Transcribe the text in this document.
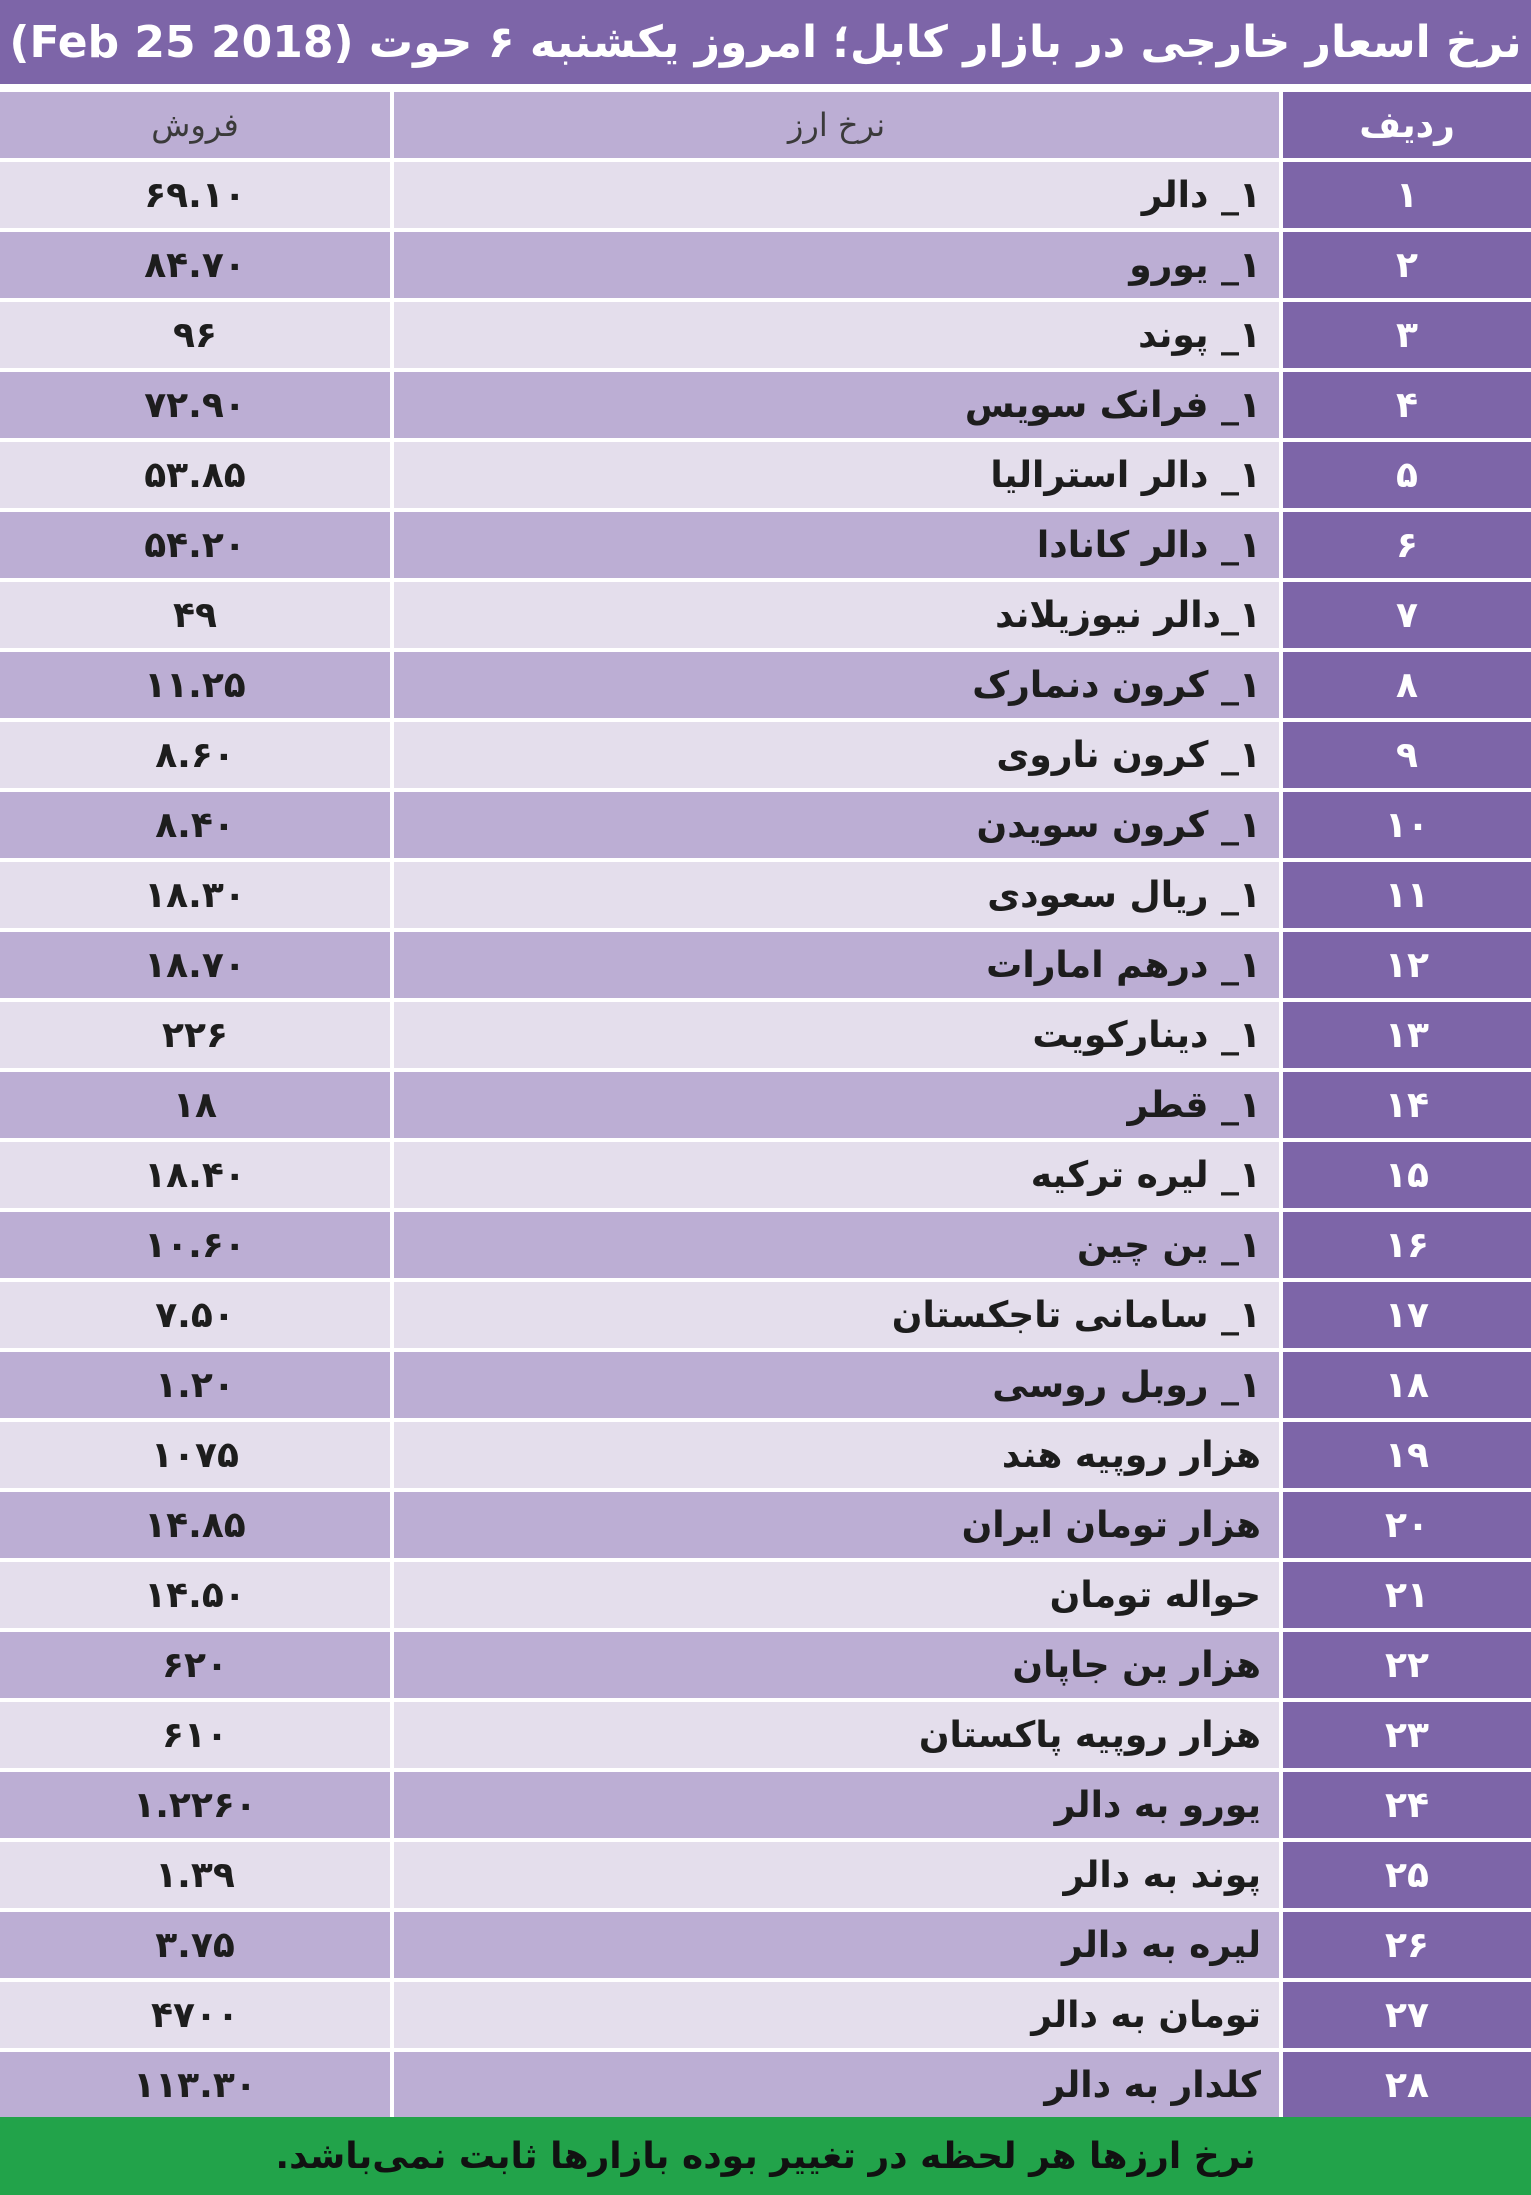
نرخ اسعار خارجی در بازار کابل؛ امروز یکشنبه ۶ حوت (Feb 25 2018)
فروش	نرخ ارز	ردیف
۶۹.۱۰	۱_ دالر	۱
۸۴.۷۰	۱_ یورو	۲
۹۶	۱_ پوند	۳
۷۲.۹۰	۱_ فرانک سویس	۴
۵۳.۸۵	۱_ دالر استرالیا	۵
۵۴.۲۰	۱_ دالر کانادا	۶
۴۹	۱_دالر نیوزیلاند	۷
۱۱.۲۵	۱_ کرون دنمارک	۸
۸.۶۰	۱_ کرون ناروی	۹
۸.۴۰	۱_ کرون سویدن	۱۰
۱۸.۳۰	۱_ ریال سعودی	۱۱
۱۸.۷۰	۱_ درهم امارات	۱۲
۲۲۶	۱_ دینارکویت	۱۳
۱۸	۱_ قطر	۱۴
۱۸.۴۰	۱_ لیره ترکیه	۱۵
۱۰.۶۰	۱_ ین چین	۱۶
۷.۵۰	۱_ سامانی تاجکستان	۱۷
۱.۲۰	۱_ روبل روسی	۱۸
۱۰۷۵	هزار روپیه هند	۱۹
۱۴.۸۵	هزار تومان ایران	۲۰
۱۴.۵۰	حواله تومان	۲۱
۶۲۰	هزار ین جاپان	۲۲
۶۱۰	هزار روپیه پاکستان	۲۳
۱.۲۲۶۰	یورو به دالر	۲۴
۱.۳۹	پوند به دالر	۲۵
۳.۷۵	لیره به دالر	۲۶
۴۷۰۰	تومان به دالر	۲۷
۱۱۳.۳۰	کلدار به دالر	۲۸
نرخ ارزها هر لحظه در تغییر بوده بازارها ثابت نمی‌باشد.
